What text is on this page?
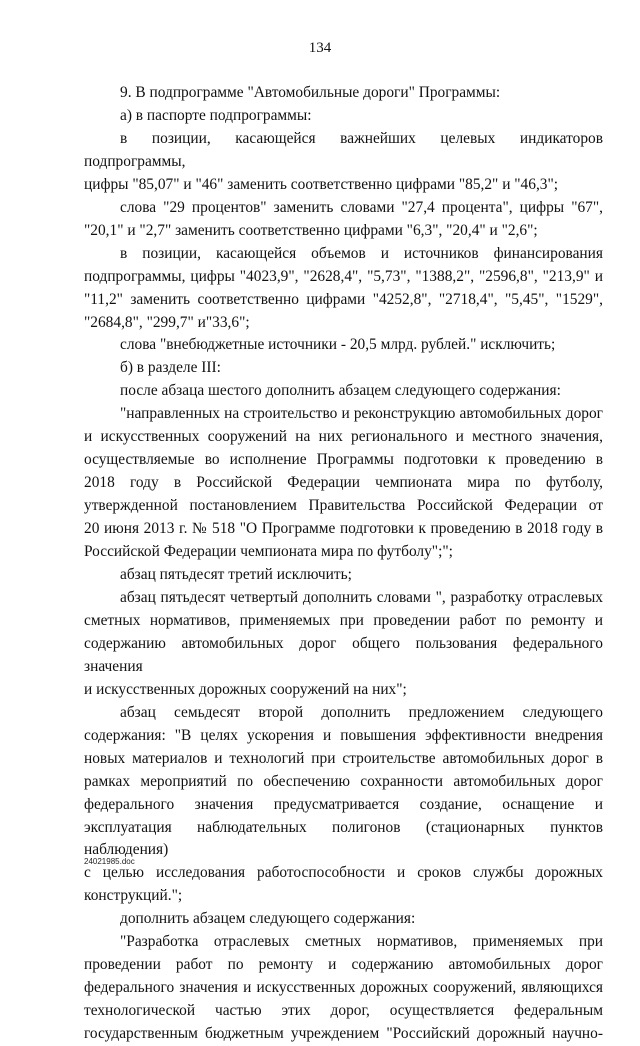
134

9. В подпрограмме "Автомобильные дороги" Программы:

а) в паспорте подпрограммы:

в позиции, касающейся важнейших целевых индикаторов подпрограммы,

цифры "85,07" и "46" заменить соответственно цифрами "85,2" и "46,3";

слова "29 процентов" заменить словами "27,4 процента", цифры "67",

"20,1" и "2,7" заменить соответственно цифрами "6,3", "20,4" и "2,6";

в позиции, касающейся объемов и источников финансирования

подпрограммы, цифры "4023,9", "2628,4", "5,73", "1388,2", "2596,8", "213,9" и

"11,2" заменить соответственно цифрами "4252,8", "2718,4", "5,45", "1529",

"2684,8", "299,7" и"33,6";

слова "внебюджетные источники - 20,5 млрд. рублей." исключить;

б) в разделе III:

после абзаца шестого дополнить абзацем следующего содержания:

"направленных на строительство и реконструкцию автомобильных дорог

и искусственных сооружений на них регионального и местного значения,

осуществляемые во исполнение Программы подготовки к проведению в

2018 году в Российской Федерации чемпионата мира по футболу,

утвержденной постановлением Правительства Российской Федерации от

20 июня 2013 г. № 518 "О Программе подготовки к проведению в 2018 году в

Российской Федерации чемпионата мира по футболу";";

абзац пятьдесят третий исключить;

абзац пятьдесят четвертый дополнить словами ", разработку отраслевых

сметных нормативов, применяемых при проведении работ по ремонту и

содержанию автомобильных дорог общего пользования федерального значения

и искусственных дорожных сооружений на них";

абзац семьдесят второй дополнить предложением следующего

содержания: "В целях ускорения и повышения эффективности внедрения

новых материалов и технологий при строительстве автомобильных дорог в

рамках мероприятий по обеспечению сохранности автомобильных дорог

федерального значения предусматривается создание, оснащение и

эксплуатация наблюдательных полигонов (стационарных пунктов наблюдения)

с целью исследования работоспособности и сроков службы дорожных

конструкций.";

дополнить абзацем следующего содержания:

"Разработка отраслевых сметных нормативов, применяемых при

проведении работ по ремонту и содержанию автомобильных дорог

федерального значения и искусственных дорожных сооружений, являющихся

технологической частью этих дорог, осуществляется федеральным

государственным бюджетным учреждением "Российский дорожный научно-

24021985.doc
